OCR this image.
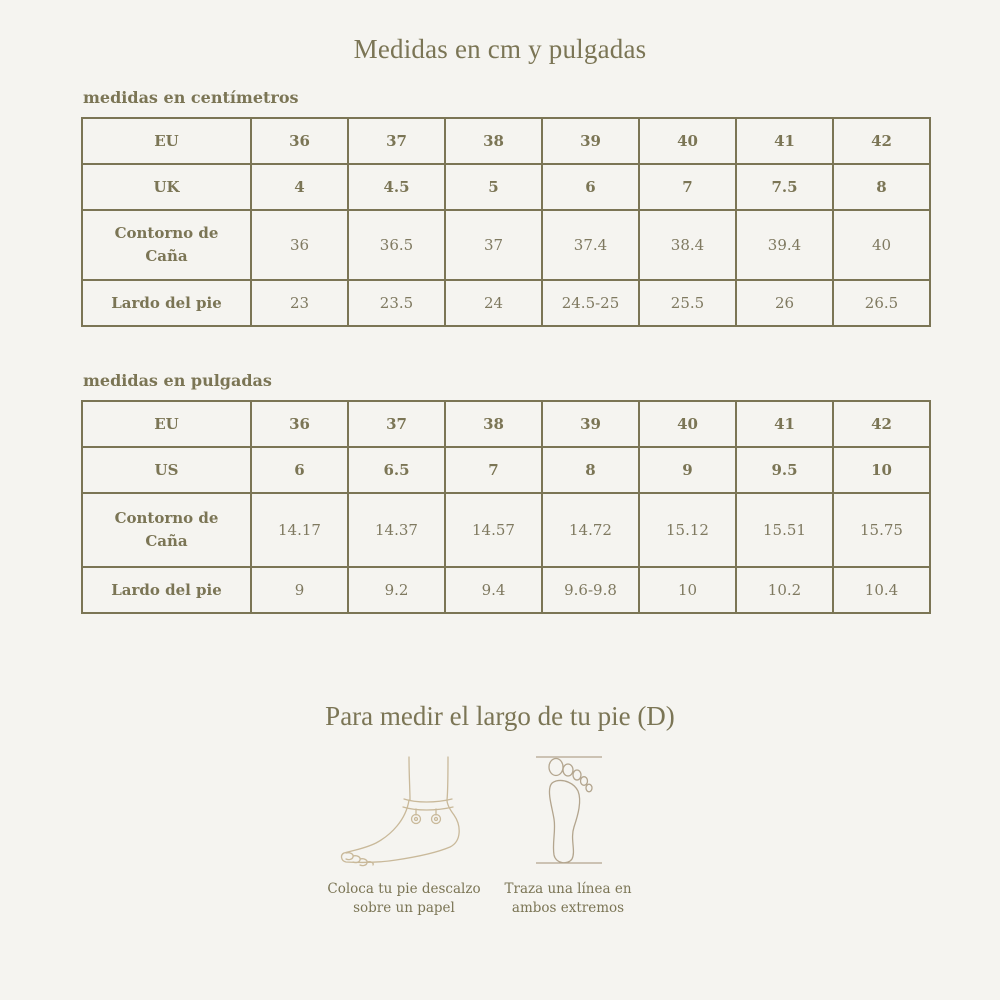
Medidas en cm y pulgadas
medidas en centímetros
EU	36	37	38	39	40	41	42
UK	4	4.5	5	6	7	7.5	8
Contorno de Caña	36	36.5	37	37.4	38.4	39.4	40
Lardo del pie	23	23.5	24	24.5-25	25.5	26	26.5
medidas en pulgadas
EU	36	37	38	39	40	41	42
US	6	6.5	7	8	9	9.5	10
Contorno de Caña	14.17	14.37	14.57	14.72	15.12	15.51	15.75
Lardo del pie	9	9.2	9.4	9.6-9.8	10	10.2	10.4
Para medir el largo de tu pie (D)
Coloca tu pie descalzo
sobre un papel
Traza una línea en
ambos extremos
